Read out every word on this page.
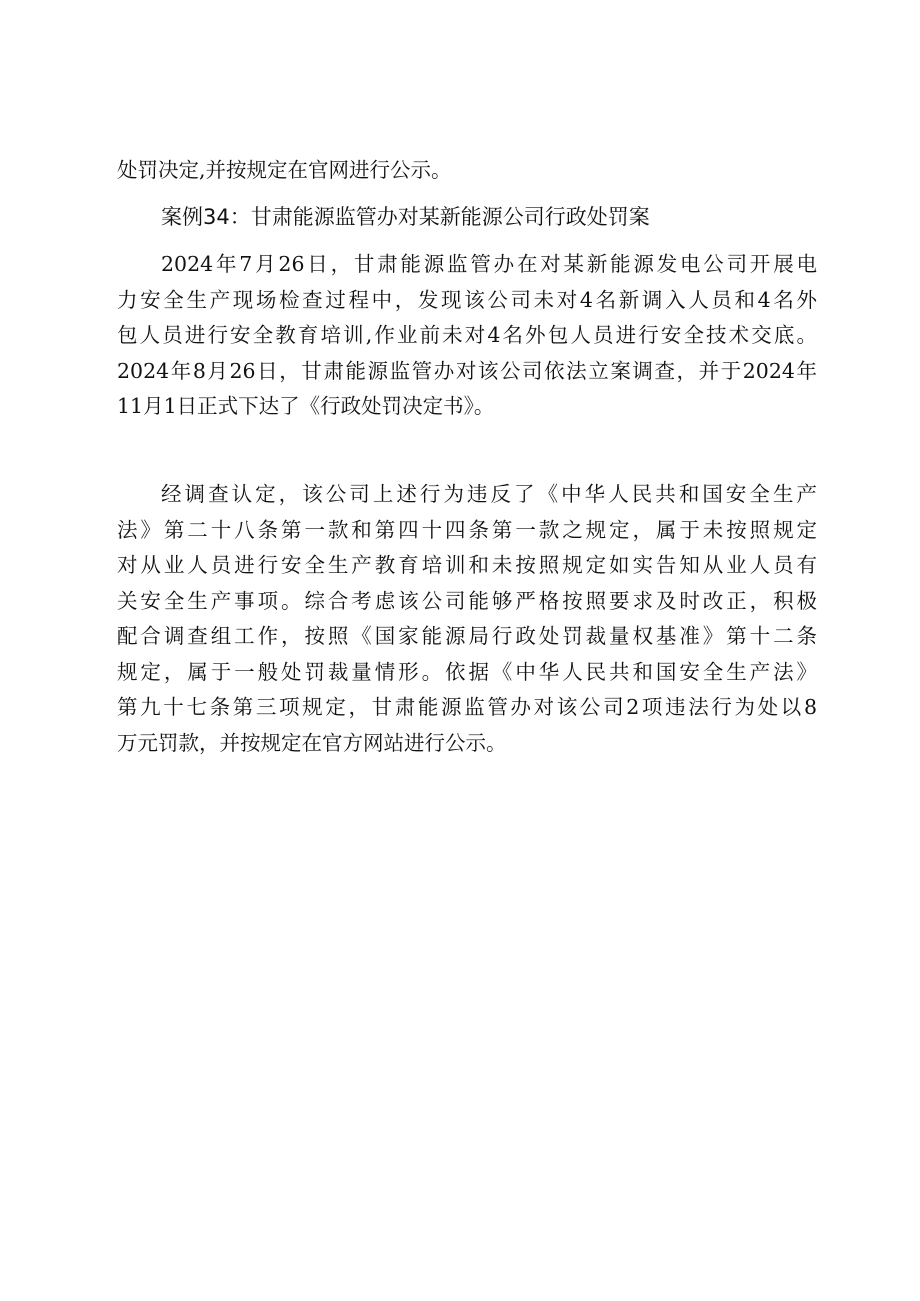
处罚决定,并按规定在官网进行公示。
案例34：甘肃能源监管办对某新能源公司行政处罚案
2024年7月26日，甘肃能源监管办在对某新能源发电公司开展电
力安全生产现场检查过程中，发现该公司未对4名新调入人员和4名外
包人员进行安全教育培训,作业前未对4名外包人员进行安全技术交底。
2024年8月26日，甘肃能源监管办对该公司依法立案调查，并于2024年
11月1日正式下达了《行政处罚决定书》。
经调查认定，该公司上述行为违反了《中华人民共和国安全生产
法》第二十八条第一款和第四十四条第一款之规定，属于未按照规定
对从业人员进行安全生产教育培训和未按照规定如实告知从业人员有
关安全生产事项。综合考虑该公司能够严格按照要求及时改正，积极
配合调查组工作，按照《国家能源局行政处罚裁量权基准》第十二条
规定，属于一般处罚裁量情形。依据《中华人民共和国安全生产法》
第九十七条第三项规定，甘肃能源监管办对该公司2项违法行为处以8
万元罚款，并按规定在官方网站进行公示。
